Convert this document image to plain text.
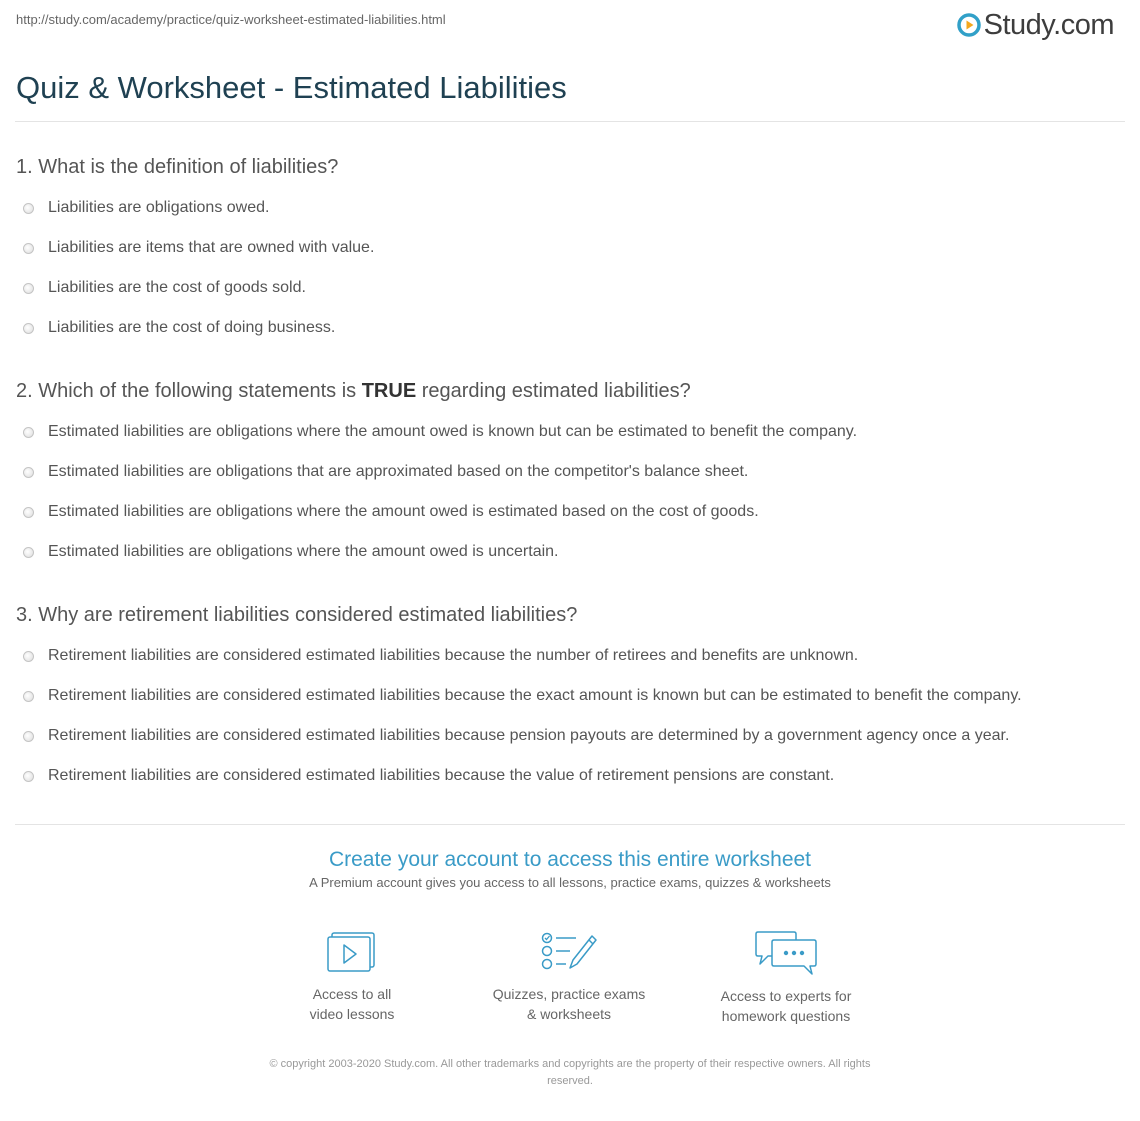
http://study.com/academy/practice/quiz-worksheet-estimated-liabilities.html	Study.com
Quiz & Worksheet - Estimated Liabilities

1. What is the definition of liabilities?

Liabilities are obligations owed.
Liabilities are items that are owned with value.
Liabilities are the cost of goods sold.
Liabilities are the cost of doing business.

2. Which of the following statements is TRUE regarding estimated liabilities?

Estimated liabilities are obligations where the amount owed is known but can be estimated to benefit the company.
Estimated liabilities are obligations that are approximated based on the competitor's balance sheet.
Estimated liabilities are obligations where the amount owed is estimated based on the cost of goods.
Estimated liabilities are obligations where the amount owed is uncertain.

3. Why are retirement liabilities considered estimated liabilities?

Retirement liabilities are considered estimated liabilities because the number of retirees and benefits are unknown.
Retirement liabilities are considered estimated liabilities because the exact amount is known but can be estimated to benefit the company.
Retirement liabilities are considered estimated liabilities because pension payouts are determined by a government agency once a year.
Retirement liabilities are considered estimated liabilities because the value of retirement pensions are constant.

Create your account to access this entire worksheet

A Premium account gives you access to all lessons, practice exams, quizzes & worksheets

Access to all
video lessons
Quizzes, practice exams
& worksheets
Access to experts for
homework questions
© copyright 2003-2020 Study.com. All other trademarks and copyrights are the property of their respective owners. All rights
reserved.
